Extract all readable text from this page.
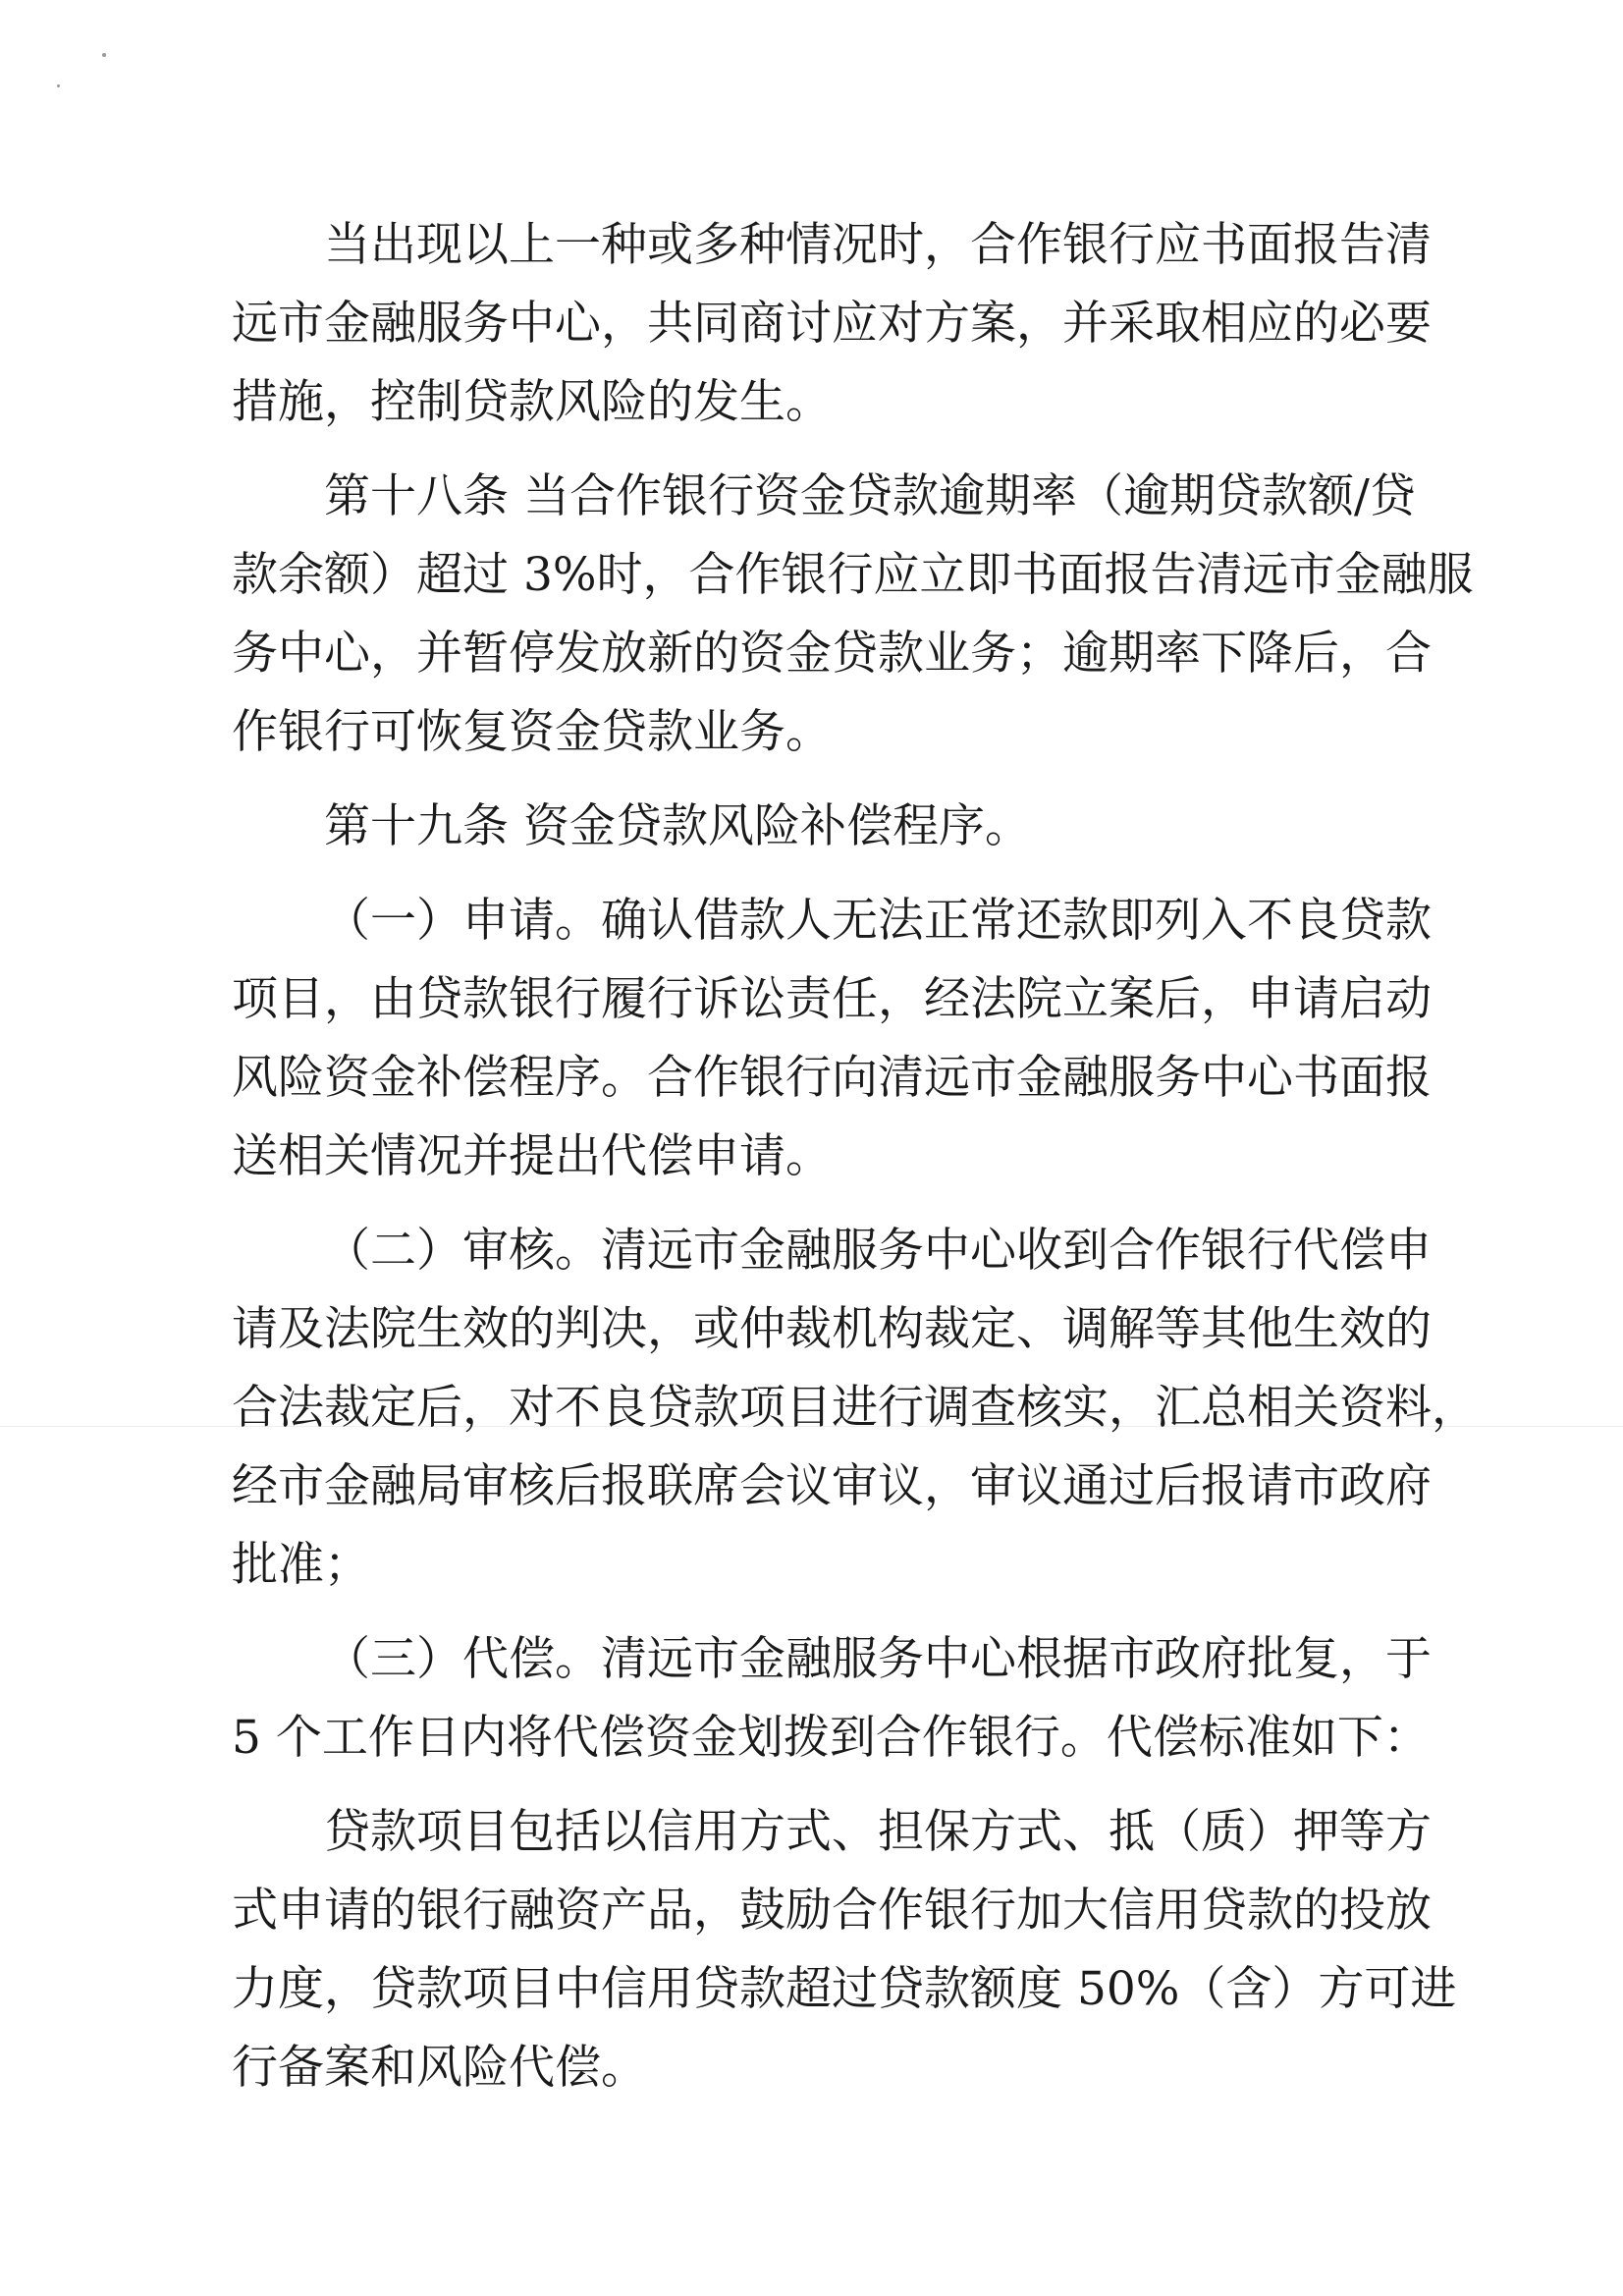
当出现以上一种或多种情况时，合作银行应书面报告清
远市金融服务中心，共同商讨应对方案，并采取相应的必要
措施，控制贷款风险的发生。
第十八条 当合作银行资金贷款逾期率（逾期贷款额/贷
款余额）超过 3%时，合作银行应立即书面报告清远市金融服
务中心，并暂停发放新的资金贷款业务；逾期率下降后，合
作银行可恢复资金贷款业务。
第十九条 资金贷款风险补偿程序。
（一）申请。确认借款人无法正常还款即列入不良贷款
项目，由贷款银行履行诉讼责任，经法院立案后，申请启动
风险资金补偿程序。合作银行向清远市金融服务中心书面报
送相关情况并提出代偿申请。
（二）审核。清远市金融服务中心收到合作银行代偿申
请及法院生效的判决，或仲裁机构裁定、调解等其他生效的
合法裁定后，对不良贷款项目进行调查核实，汇总相关资料，
经市金融局审核后报联席会议审议，审议通过后报请市政府
批准；
（三）代偿。清远市金融服务中心根据市政府批复，于
5 个工作日内将代偿资金划拨到合作银行。代偿标准如下：
贷款项目包括以信用方式、担保方式、抵（质）押等方
式申请的银行融资产品，鼓励合作银行加大信用贷款的投放
力度，贷款项目中信用贷款超过贷款额度 50%（含）方可进
行备案和风险代偿。
